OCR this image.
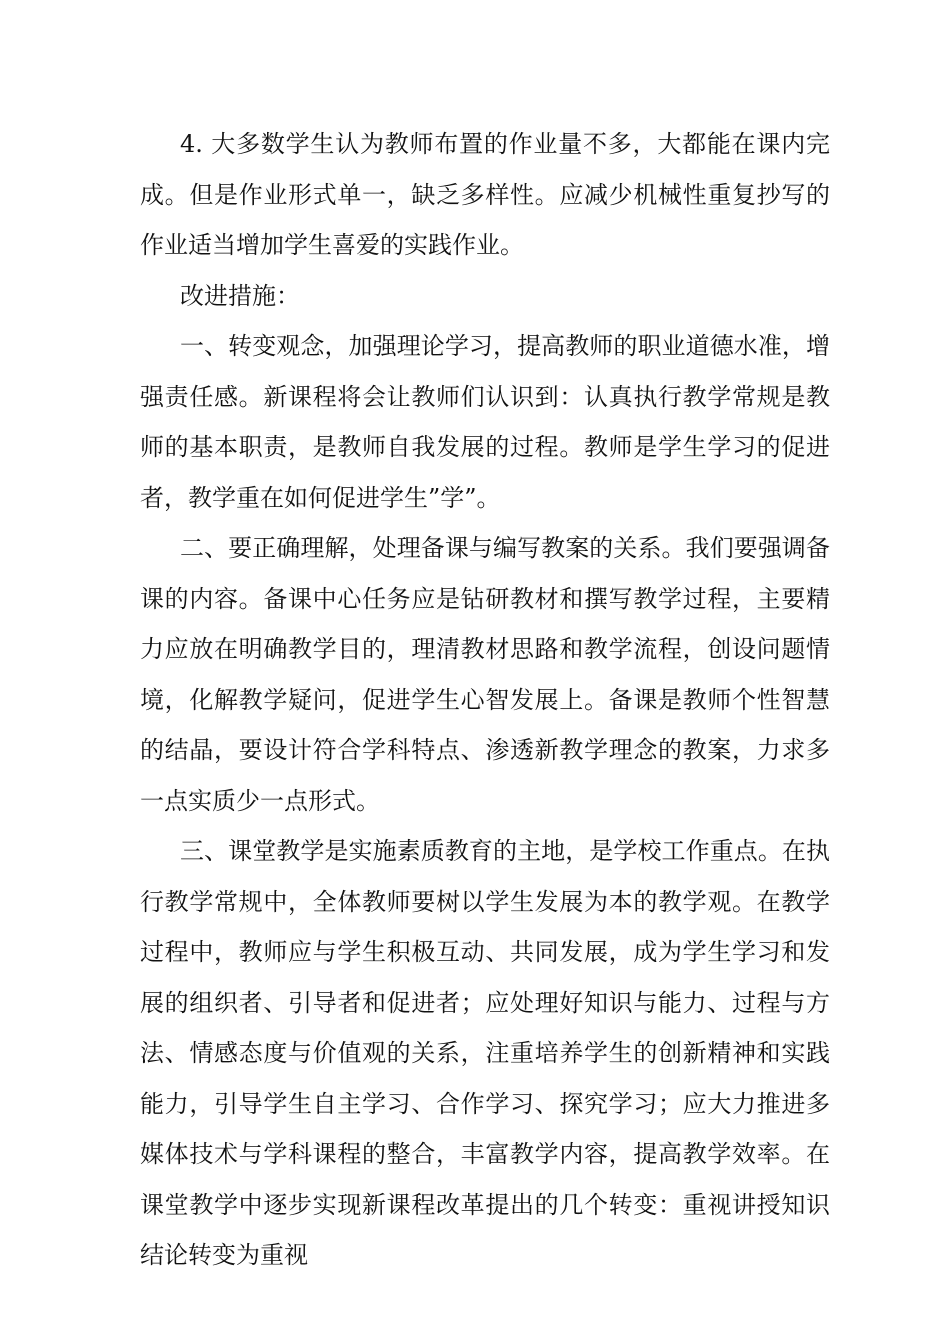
4. 大多数学生认为教师布置的作业量不多，大都能在课内完成。但是作业形式单一，缺乏多样性。应减少机械性重复抄写的作业适当增加学生喜爱的实践作业。

改进措施：

一、转变观念，加强理论学习，提高教师的职业道德水准，增强责任感。新课程将会让教师们认识到：认真执行教学常规是教师的基本职责，是教师自我发展的过程。教师是学生学习的促进者，教学重在如何促进学生”学”。

二、要正确理解，处理备课与编写教案的关系。我们要强调备课的内容。备课中心任务应是钻研教材和撰写教学过程，主要精力应放在明确教学目的，理清教材思路和教学流程，创设问题情境，化解教学疑问，促进学生心智发展上。备课是教师个性智慧的结晶，要设计符合学科特点、渗透新教学理念的教案，力求多一点实质少一点形式。

三、课堂教学是实施素质教育的主地，是学校工作重点。在执行教学常规中，全体教师要树以学生发展为本的教学观。在教学过程中，教师应与学生积极互动、共同发展，成为学生学习和发展的组织者、引导者和促进者；应处理好知识与能力、过程与方法、情感态度与价值观的关系，注重培养学生的创新精神和实践能力，引导学生自主学习、合作学习、探究学习；应大力推进多媒体技术与学科课程的整合，丰富教学内容，提高教学效率。在课堂教学中逐步实现新课程改革提出的几个转变：重视讲授知识结论转变为重视
